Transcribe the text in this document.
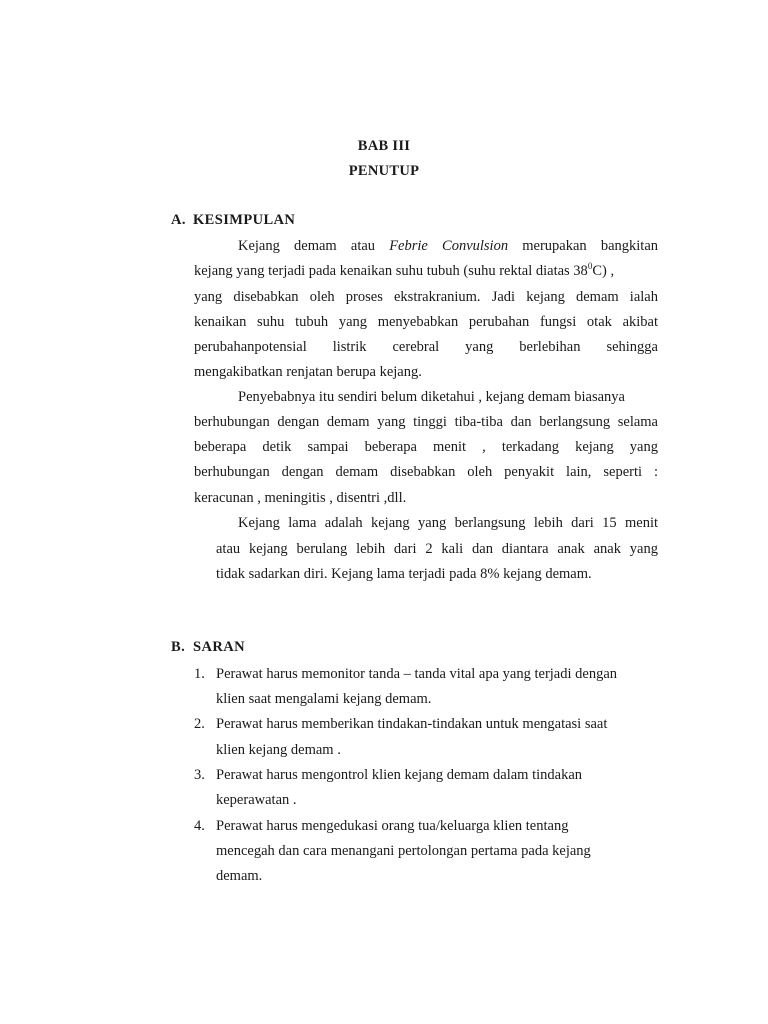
BAB III
PENUTUP
A. KESIMPULAN
Kejang demam atau Febrie Convulsion merupakan bangkitan
kejang yang terjadi pada kenaikan suhu tubuh (suhu rektal diatas $38^0C$) ,
yang disebabkan oleh proses ekstrakranium. Jadi kejang demam ialah
kenaikan suhu tubuh yang menyebabkan perubahan fungsi otak akibat
perubahanpotensial listrik cerebral yang berlebihan sehingga
mengakibatkan renjatan berupa kejang.
Penyebabnya itu sendiri belum diketahui , kejang demam biasanya
berhubungan dengan demam yang tinggi tiba-tiba dan berlangsung selama
beberapa detik sampai beberapa menit , terkadang kejang yang
berhubungan dengan demam disebabkan oleh penyakit lain, seperti :
keracunan , meningitis , disentri ,dll.
Kejang lama adalah kejang yang berlangsung lebih dari 15 menit
atau kejang berulang lebih dari 2 kali dan diantara anak anak yang
tidak sadarkan diri. Kejang lama terjadi pada 8% kejang demam.
B. SARAN
1. Perawat harus memonitor tanda – tanda vital apa yang terjadi dengan
klien saat mengalami kejang demam.
2. Perawat harus memberikan tindakan-tindakan untuk mengatasi saat
klien kejang demam .
3. Perawat harus mengontrol klien kejang demam dalam tindakan
keperawatan .
4. Perawat harus mengedukasi orang tua/keluarga klien tentang
mencegah dan cara menangani pertolongan pertama pada kejang
demam.
